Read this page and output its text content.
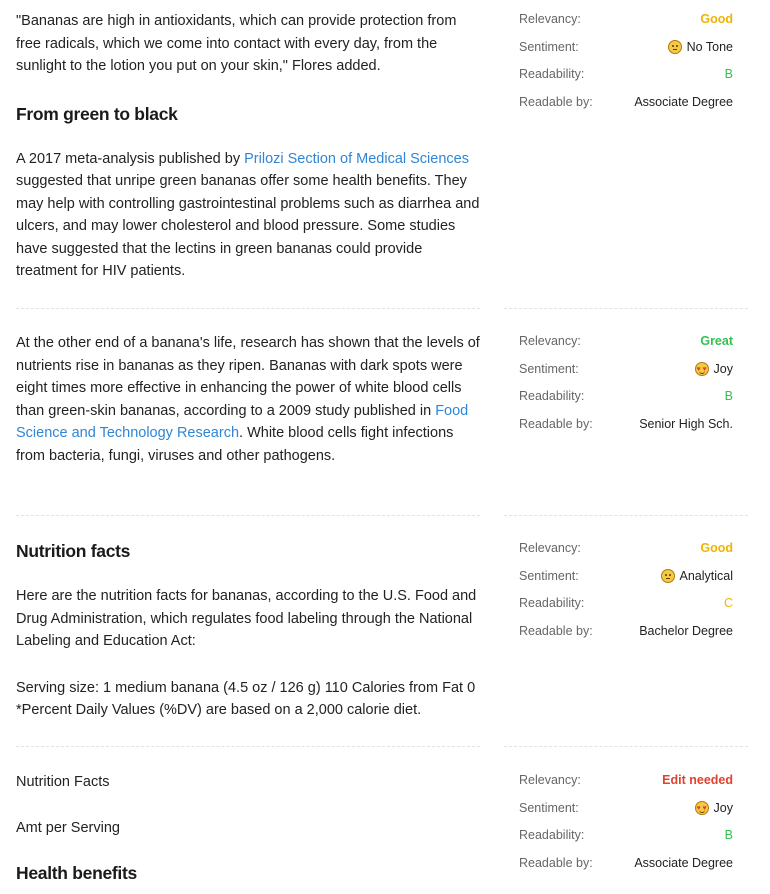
"Bananas are high in antioxidants, which can provide protection from free radicals, which we come into contact with every day, from the sunlight to the lotion you put on your skin," Flores added.

From green to black

A 2017 meta-analysis published by Prilozi Section of Medical Sciences suggested that unripe green bananas offer some health benefits. They may help with controlling gastrointestinal problems such as diarrhea and ulcers, and may lower cholesterol and blood pressure. Some studies have suggested that the lectins in green bananas could provide treatment for HIV patients.

Relevancy:	Good
Sentiment:	No Tone
Readability:	B
Readable by:	Associate Degree

At the other end of a banana's life, research has shown that the levels of nutrients rise in bananas as they ripen. Bananas with dark spots were eight times more effective in enhancing the power of white blood cells than green-skin bananas, according to a 2009 study published in Food Science and Technology Research. White blood cells fight infections from bacteria, fungi, viruses and other pathogens.

Relevancy:	Great
Sentiment:	♥ ♥ Joy
Readability:	B
Readable by:	Senior High Sch.
Nutrition facts

Here are the nutrition facts for bananas, according to the U.S. Food and Drug Administration, which regulates food labeling through the National Labeling and Education Act:

Serving size: 1 medium banana (4.5 oz / 126 g) 110 Calories from Fat 0 *Percent Daily Values (%DV) are based on a 2,000 calorie diet.

Relevancy:	Good
Sentiment:	Analytical
Readability:	C
Readable by:	Bachelor Degree

Nutrition Facts

Amt per Serving

Health benefits
Relevancy:	Edit needed
Sentiment:	♥ ♥ Joy
Readability:	B
Readable by:	Associate Degree
